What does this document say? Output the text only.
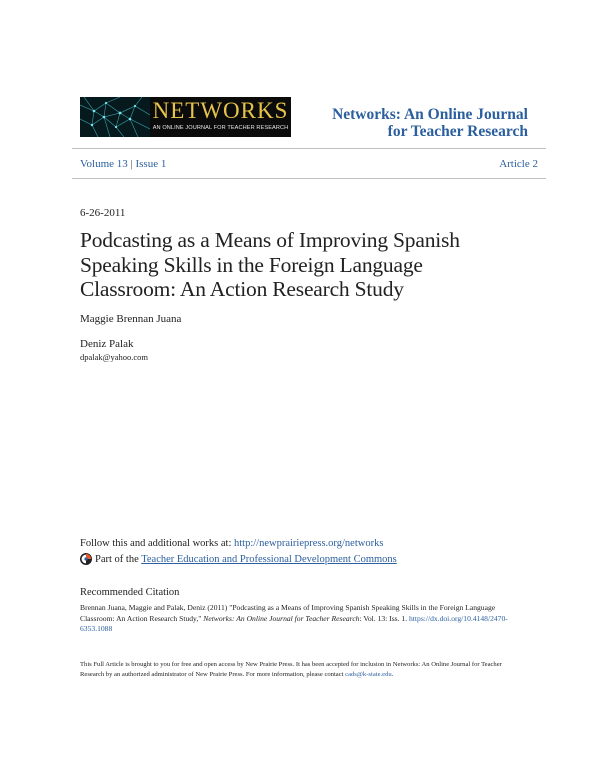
NETWORKS
AN ONLINE JOURNAL FOR TEACHER RESEARCH
Networks: An Online Journal
for Teacher Research
Volume 13 | Issue 1	Article 2
6-26-2011
Podcasting as a Means of Improving Spanish Speaking Skills in the Foreign Language Classroom: An Action Research Study
Maggie Brennan Juana
Deniz Palak
dpalak@yahoo.com
Follow this and additional works at: http://newprairiepress.org/networks
Part of the Teacher Education and Professional Development Commons
Recommended Citation
Brennan Juana, Maggie and Palak, Deniz (2011) "Podcasting as a Means of Improving Spanish Speaking Skills in the Foreign Language Classroom: An Action Research Study," Networks: An Online Journal for Teacher Research: Vol. 13: Iss. 1. https://dx.doi.org/10.4148/2470-6353.1088
This Full Article is brought to you for free and open access by New Prairie Press. It has been accepted for inclusion in Networks: An Online Journal for Teacher Research by an authorized administrator of New Prairie Press. For more information, please contact cads@k-state.edu.
